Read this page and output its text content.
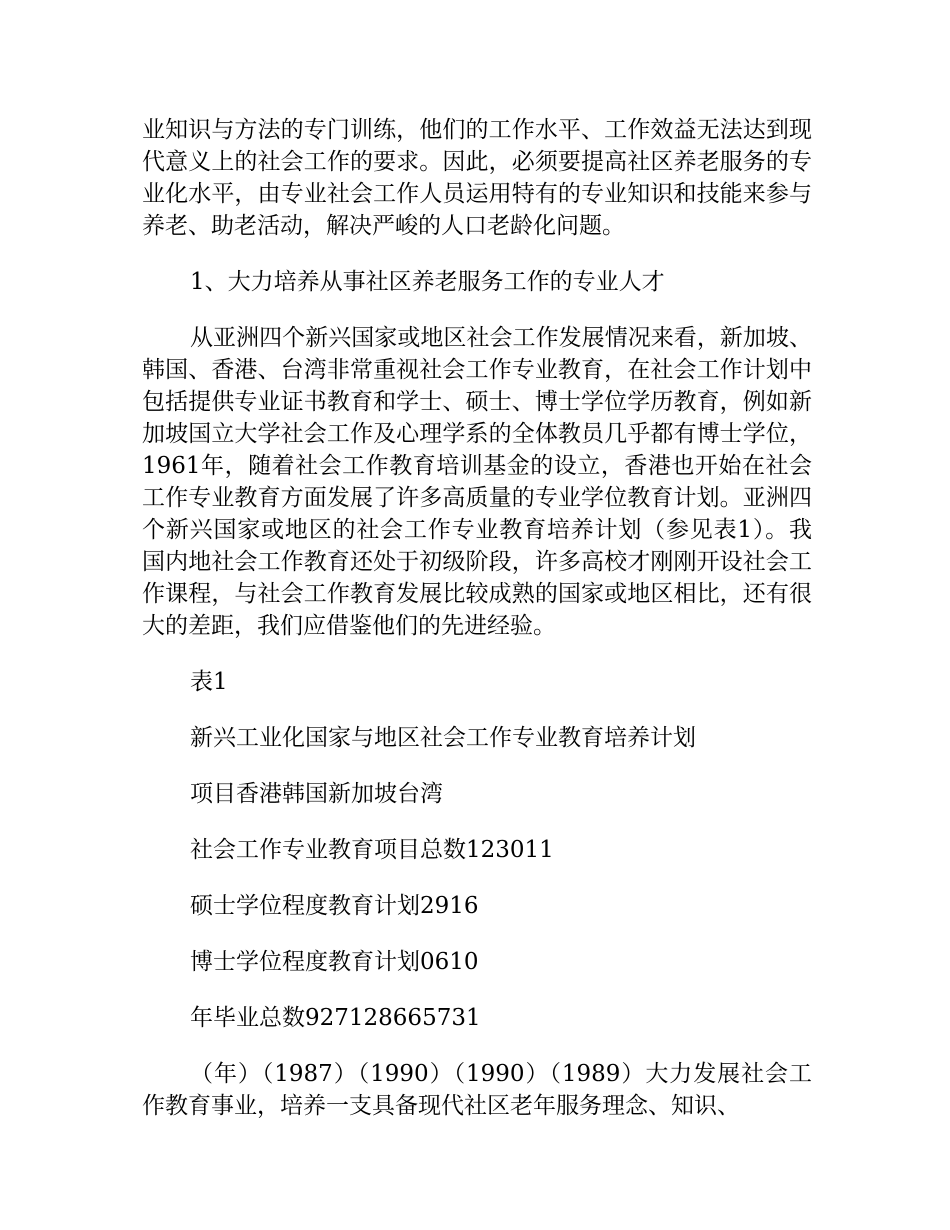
业知识与方法的专门训练，他们的工作水平、工作效益无法达到现代意义上的社会工作的要求。因此，必须要提高社区养老服务的专业化水平，由专业社会工作人员运用特有的专业知识和技能来参与养老、助老活动，解决严峻的人口老龄化问题。

1、大力培养从事社区养老服务工作的专业人才

从亚洲四个新兴国家或地区社会工作发展情况来看，新加坡、韩国、香港、台湾非常重视社会工作专业教育，在社会工作计划中包括提供专业证书教育和学士、硕士、博士学位学历教育，例如新加坡国立大学社会工作及心理学系的全体教员几乎都有博士学位，1961年，随着社会工作教育培训基金的设立，香港也开始在社会工作专业教育方面发展了许多高质量的专业学位教育计划。亚洲四个新兴国家或地区的社会工作专业教育培养计划（参见表1）。我国内地社会工作教育还处于初级阶段，许多高校才刚刚开设社会工作课程，与社会工作教育发展比较成熟的国家或地区相比，还有很大的差距，我们应借鉴他们的先进经验。

表1

新兴工业化国家与地区社会工作专业教育培养计划

项目香港韩国新加坡台湾

社会工作专业教育项目总数123011

硕士学位程度教育计划2916

博士学位程度教育计划0610

年毕业总数927128665731

（年）（1987）（1990）（1990）（1989）大力发展社会工作教育事业，培养一支具备现代社区老年服务理念、知识、
